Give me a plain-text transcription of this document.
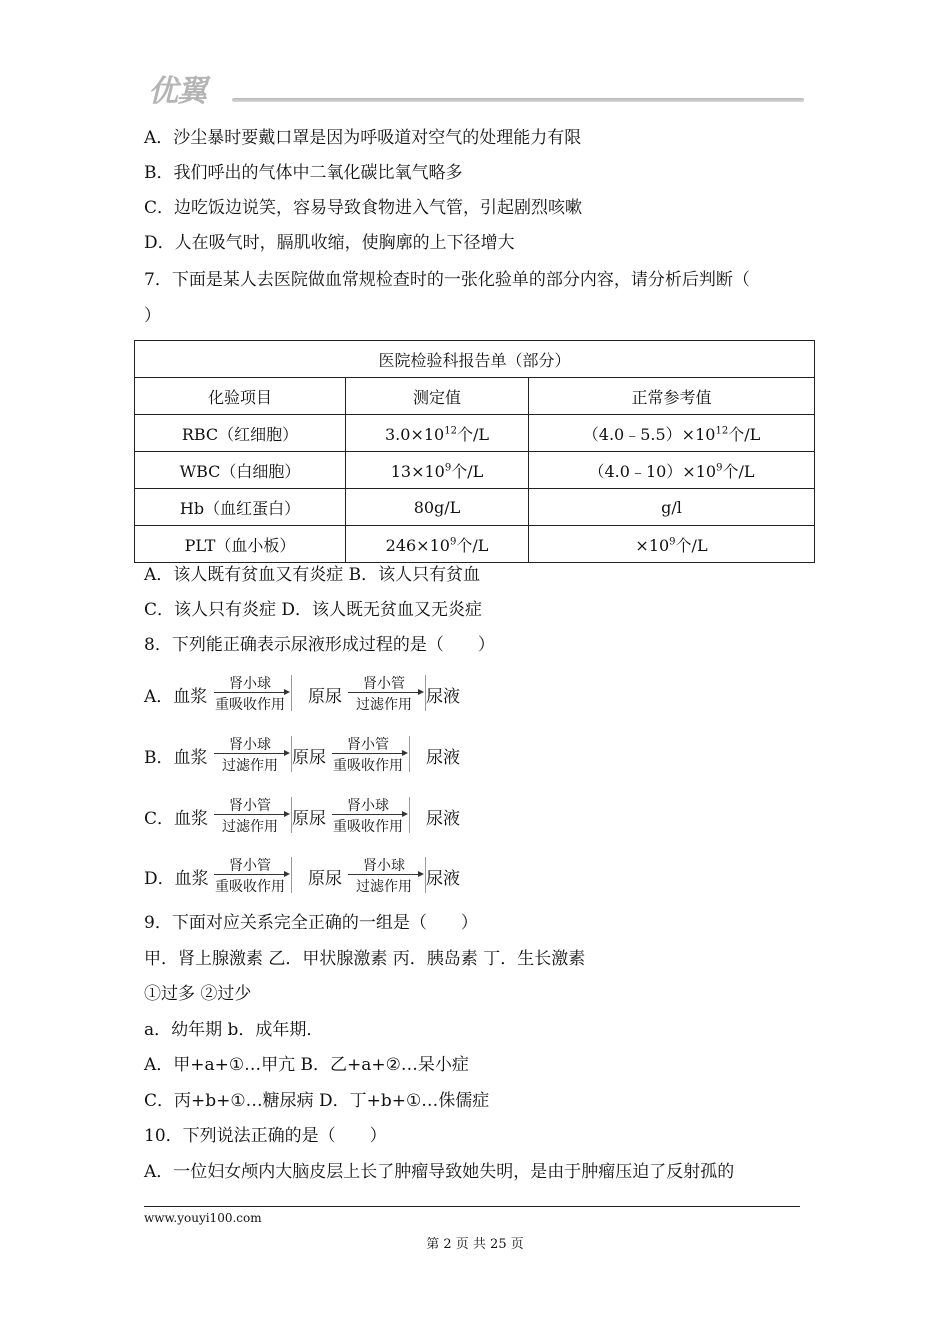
优翼
A．沙尘暴时要戴口罩是因为呼吸道对空气的处理能力有限
B．我们呼出的气体中二氧化碳比氧气略多
C．边吃饭边说笑，容易导致食物进入气管，引起剧烈咳嗽
D．人在吸气时，膈肌收缩，使胸廓的上下径增大
7．下面是某人去医院做血常规检查时的一张化验单的部分内容，请分析后判断（
）
医院检验科报告单（部分）		
化验项目	测定值	正常参考值
RBC（红细胞）	$3.0\times 10^{12}$个/L	$(4.0﹣5.5)\times 10^{12}$个/L
WBC（白细胞）	$13\times 10^9$个/L	$(4.0﹣10)\times 10^9$个/L
Hb（血红蛋白）	80g/L	g/l
PLT（血小板）	$246\times 10^9$个/L	$\times 10^9$个/L
A．该人既有贫血又有炎症 B．该人只有贫血
C．该人只有炎症 D．该人既无贫血又无炎症
8．下列能正确表示尿液形成过程的是（　　）
A．血浆
肾小球
重吸收作用 原尿
肾小管
过滤作用 尿液
B．血浆
肾小球
过滤作用 原尿
肾小管
重吸收作用 尿液
C．血浆
肾小管
过滤作用 原尿
肾小球
重吸收作用 尿液
D．血浆
肾小管
重吸收作用 原尿
肾小球
过滤作用 尿液
9．下面对应关系完全正确的一组是（　　）
甲．肾上腺激素 乙．甲状腺激素 丙．胰岛素 丁．生长激素
①过多 ②过少
a．幼年期 b．成年期．
A．甲+a+①…甲亢 B．乙+a+②…呆小症
C．丙+b+①…糖尿病 D．丁+b+①…侏儒症
10．下列说法正确的是（　　）
A．一位妇女颅内大脑皮层上长了肿瘤导致她失明，是由于肿瘤压迫了反射孤的
www.youyi100.com
第 2 页 共 25 页
